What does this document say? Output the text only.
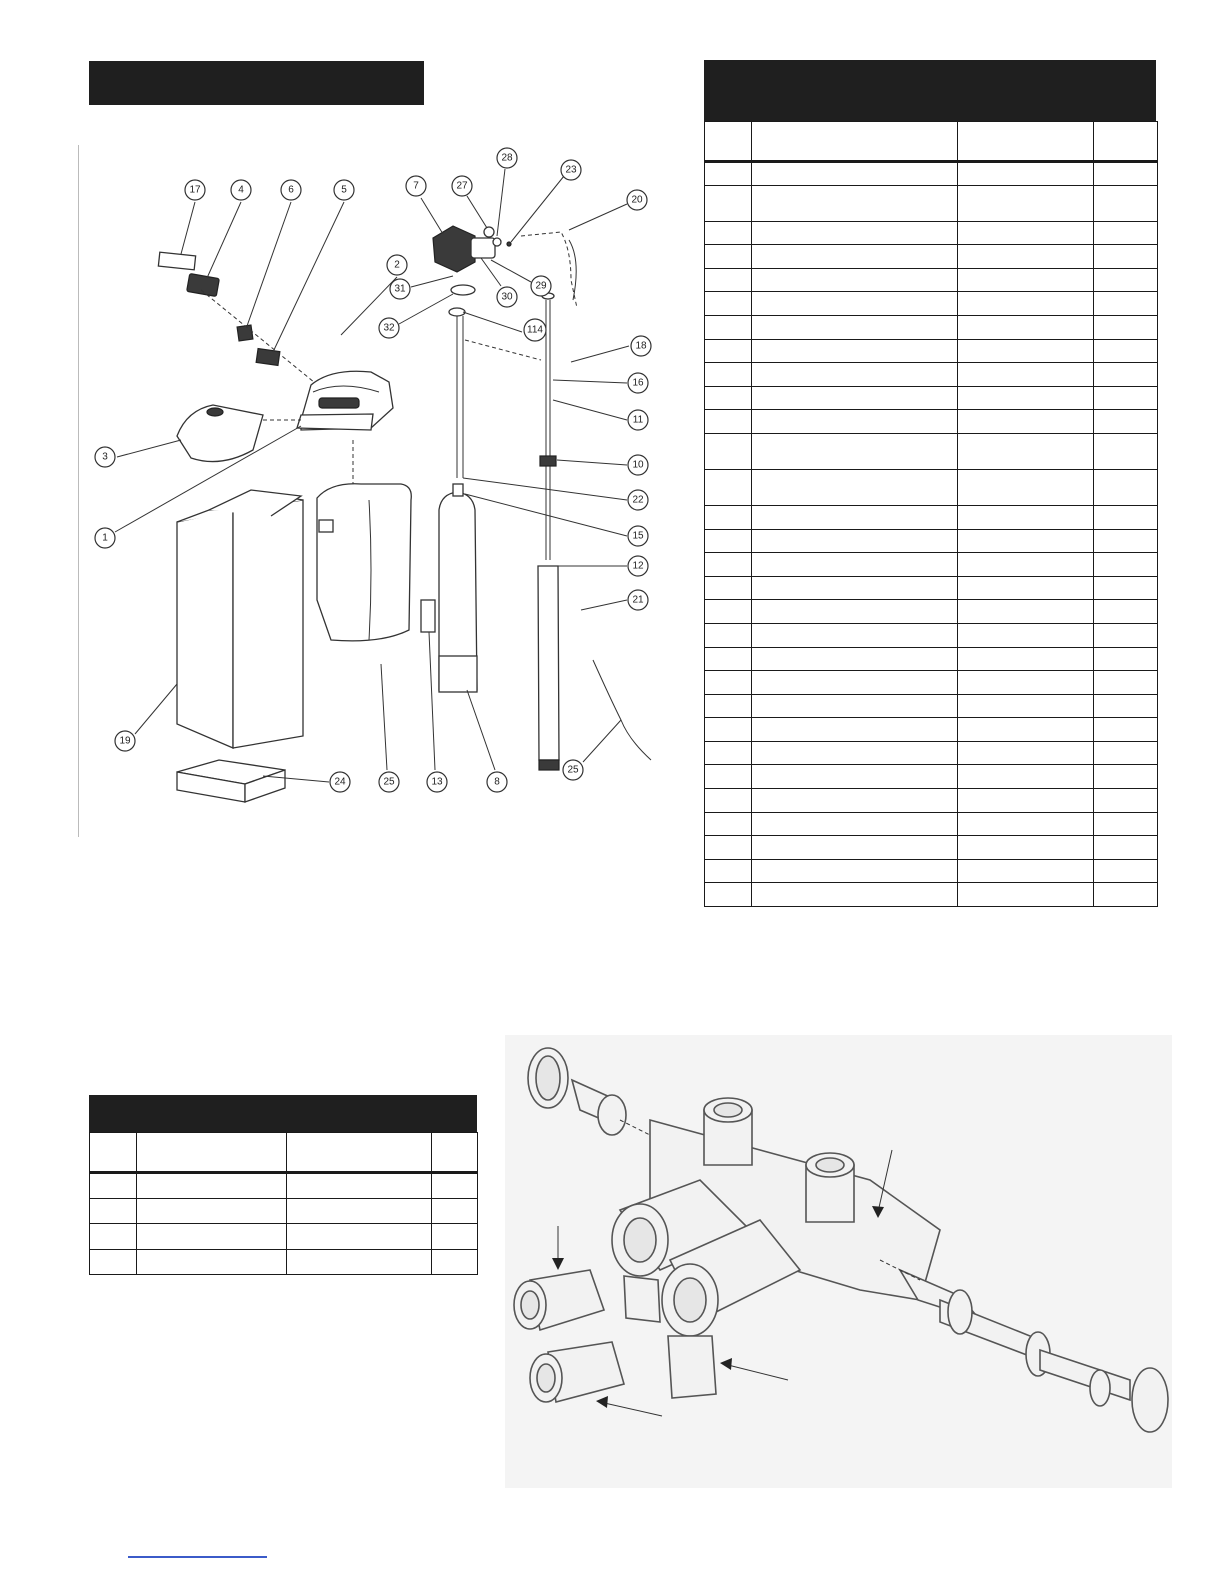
17	4	6	5
2
3
1
19
24	25
7	27
28
23
20
31
30
29
32	114
18
16
11
10
22
15
12
21
13	8
25
